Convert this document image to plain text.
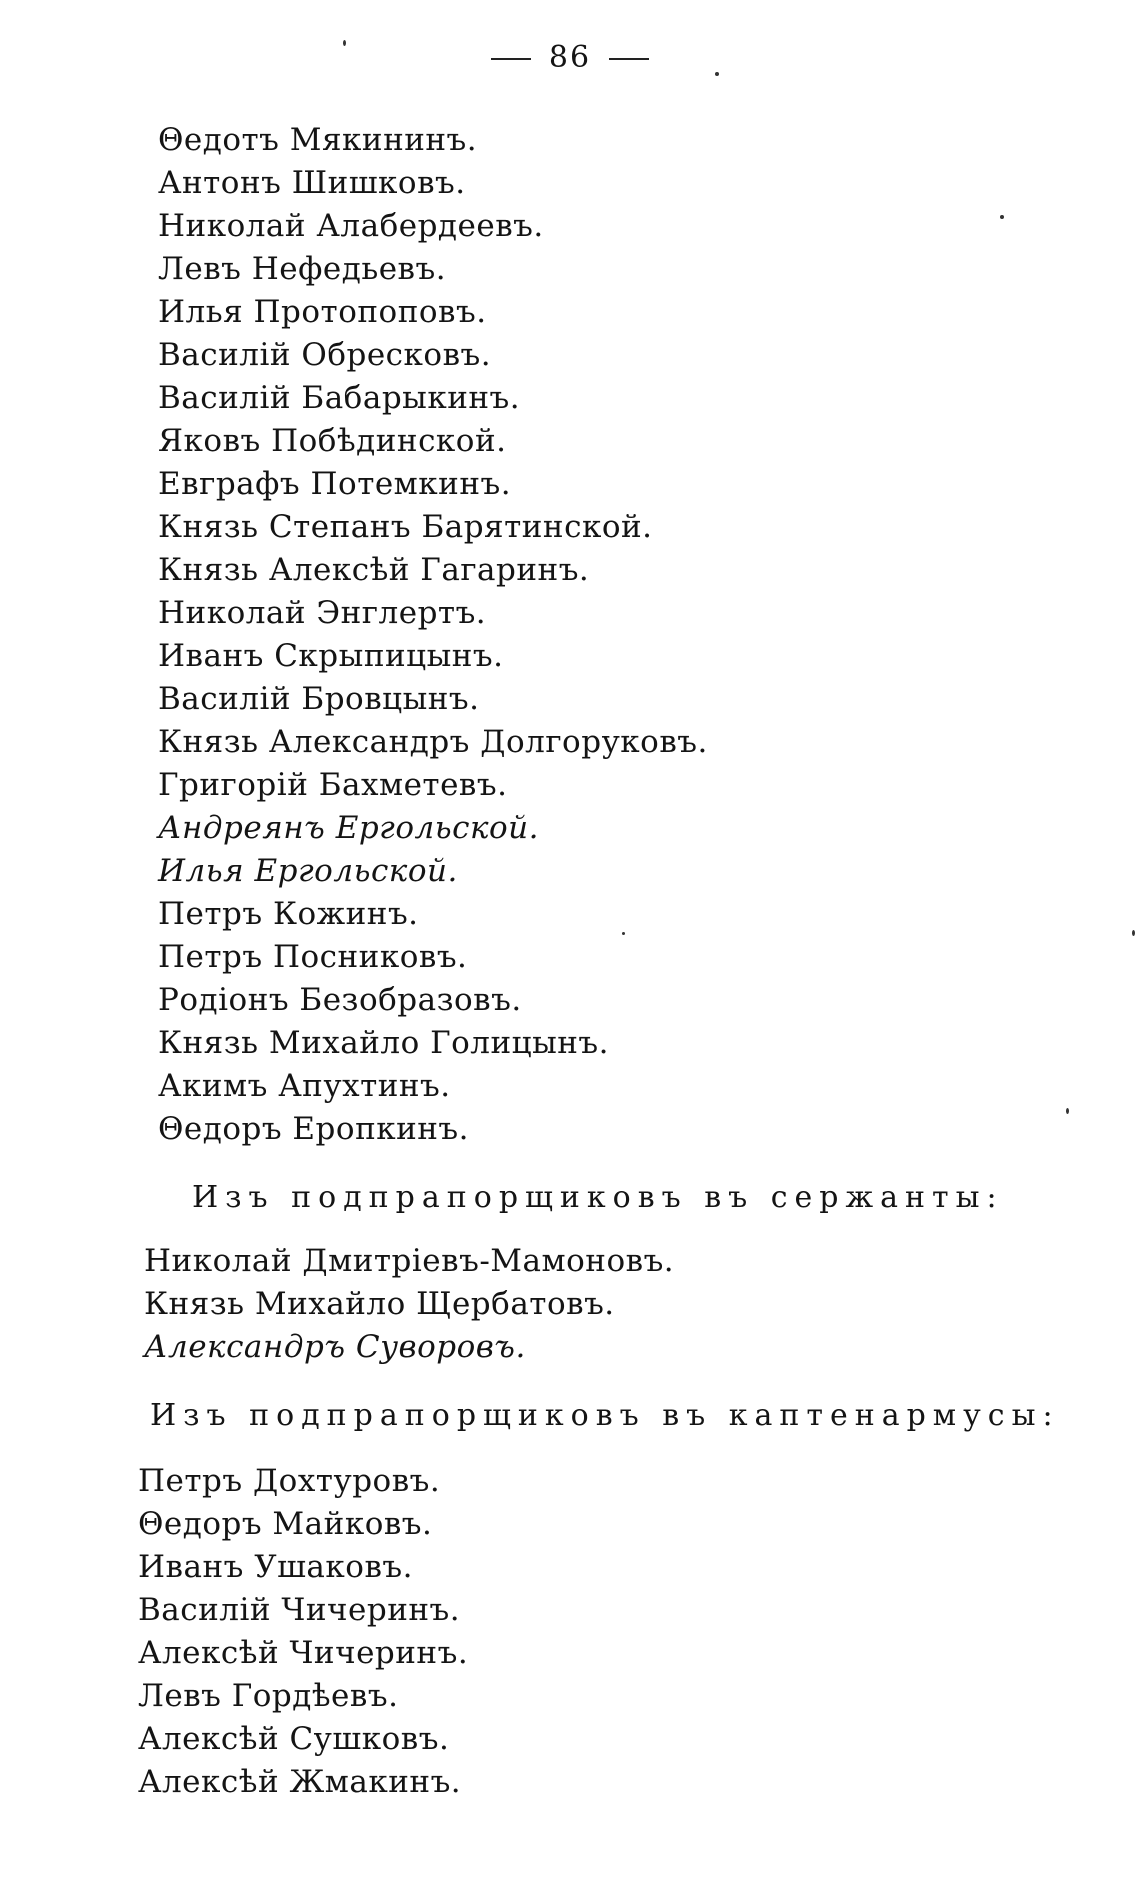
86
Θедотъ Мякининъ.
Антонъ Шишковъ.
Николай Алабердеевъ.
Левъ Нефедьевъ.
Илья Протопоповъ.
Василій Обресковъ.
Василій Бабарыкинъ.
Яковъ Побѣдинской.
Евграфъ Потемкинъ.
Князь Степанъ Барятинской.
Князь Алексѣй Гагаринъ.
Николай Энглертъ.
Иванъ Скрыпицынъ.
Василій Бровцынъ.
Князь Александръ Долгоруковъ.
Григорій Бахметевъ.
Андреянъ Ергольской.
Илья Ергольской.
Петръ Кожинъ.
Петръ Посниковъ.
Родіонъ Безобразовъ.
Князь Михайло Голицынъ.
Акимъ Апухтинъ.
Θедоръ Еропкинъ.
Изъ подпрапорщиковъ въ сержанты:
Николай Дмитріевъ-Мамоновъ.
Князь Михайло Щербатовъ.
Александръ Суворовъ.
Изъ подпрапорщиковъ въ каптенармусы:
Петръ Дохтуровъ.
Θедоръ Майковъ.
Иванъ Ушаковъ.
Василій Чичеринъ.
Алексѣй Чичеринъ.
Левъ Гордѣевъ.
Алексѣй Сушковъ.
Алексѣй Жмакинъ.
